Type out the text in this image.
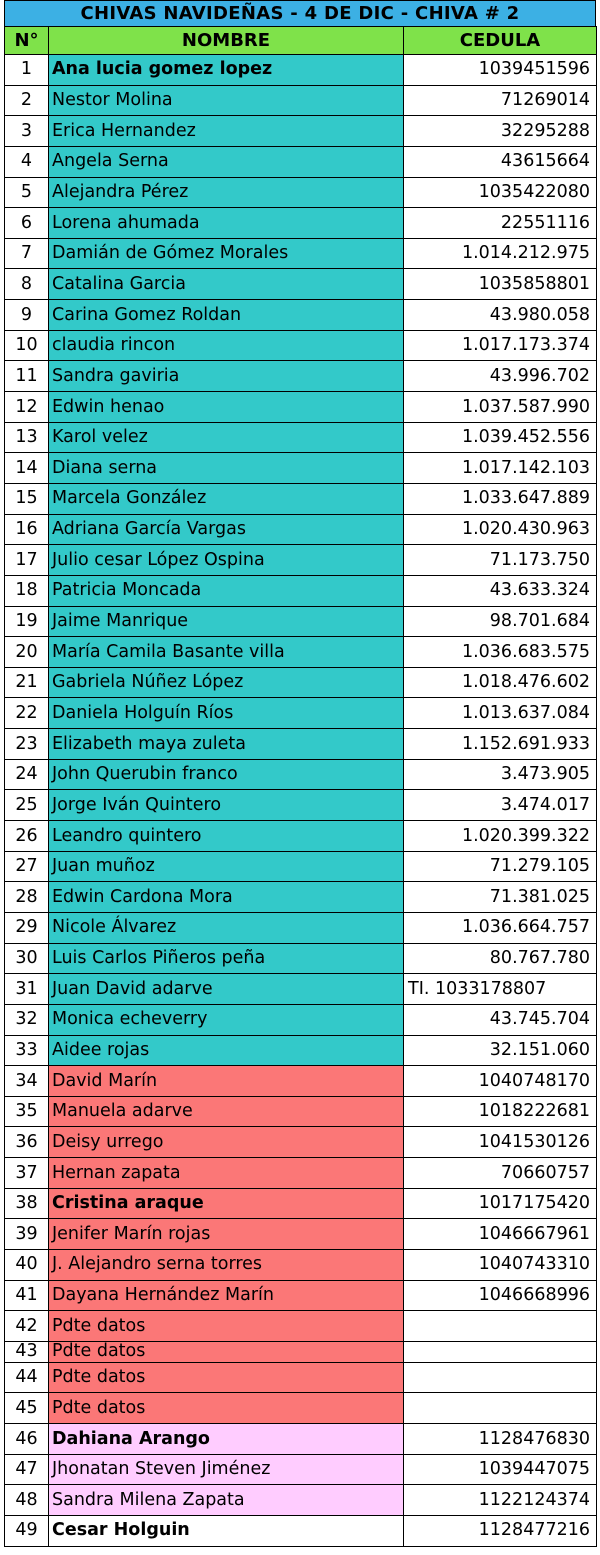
CHIVAS NAVIDEÑAS - 4 DE DIC - CHIVA # 2
N°	NOMBRE	CEDULA
1	Ana lucia gomez lopez	1039451596
2	Nestor Molina	71269014
3	Erica Hernandez	32295288
4	Angela Serna	43615664
5	Alejandra Pérez	1035422080
6	Lorena ahumada	22551116
7	Damián de Gómez Morales	1.014.212.975
8	Catalina Garcia	1035858801
9	Carina Gomez Roldan	43.980.058
10	claudia rincon	1.017.173.374
11	Sandra gaviria	43.996.702
12	Edwin henao	1.037.587.990
13	Karol velez	1.039.452.556
14	Diana serna	1.017.142.103
15	Marcela González	1.033.647.889
16	Adriana García Vargas	1.020.430.963
17	Julio cesar López Ospina	71.173.750
18	Patricia Moncada	43.633.324
19	Jaime Manrique	98.701.684
20	María Camila Basante villa	1.036.683.575
21	Gabriela Núñez López	1.018.476.602
22	Daniela Holguín Ríos	1.013.637.084
23	Elizabeth maya zuleta	1.152.691.933
24	John Querubin franco	3.473.905
25	Jorge Iván Quintero	3.474.017
26	Leandro quintero	1.020.399.322
27	Juan muñoz	71.279.105
28	Edwin Cardona Mora	71.381.025
29	Nicole Álvarez	1.036.664.757
30	Luis Carlos Piñeros peña	80.767.780
31	Juan David adarve	TI. 1033178807
32	Monica echeverry	43.745.704
33	Aidee rojas	32.151.060
34	David Marín	1040748170
35	Manuela adarve	1018222681
36	Deisy urrego	1041530126
37	Hernan zapata	70660757
38	Cristina araque	1017175420
39	Jenifer Marín rojas	1046667961
40	J. Alejandro serna torres	1040743310
41	Dayana Hernández Marín	1046668996
42	Pdte datos	
43	Pdte datos	
44	Pdte datos	
45	Pdte datos	
46	Dahiana Arango	1128476830
47	Jhonatan Steven Jiménez	1039447075
48	Sandra Milena Zapata	1122124374
49	Cesar Holguin	1128477216
